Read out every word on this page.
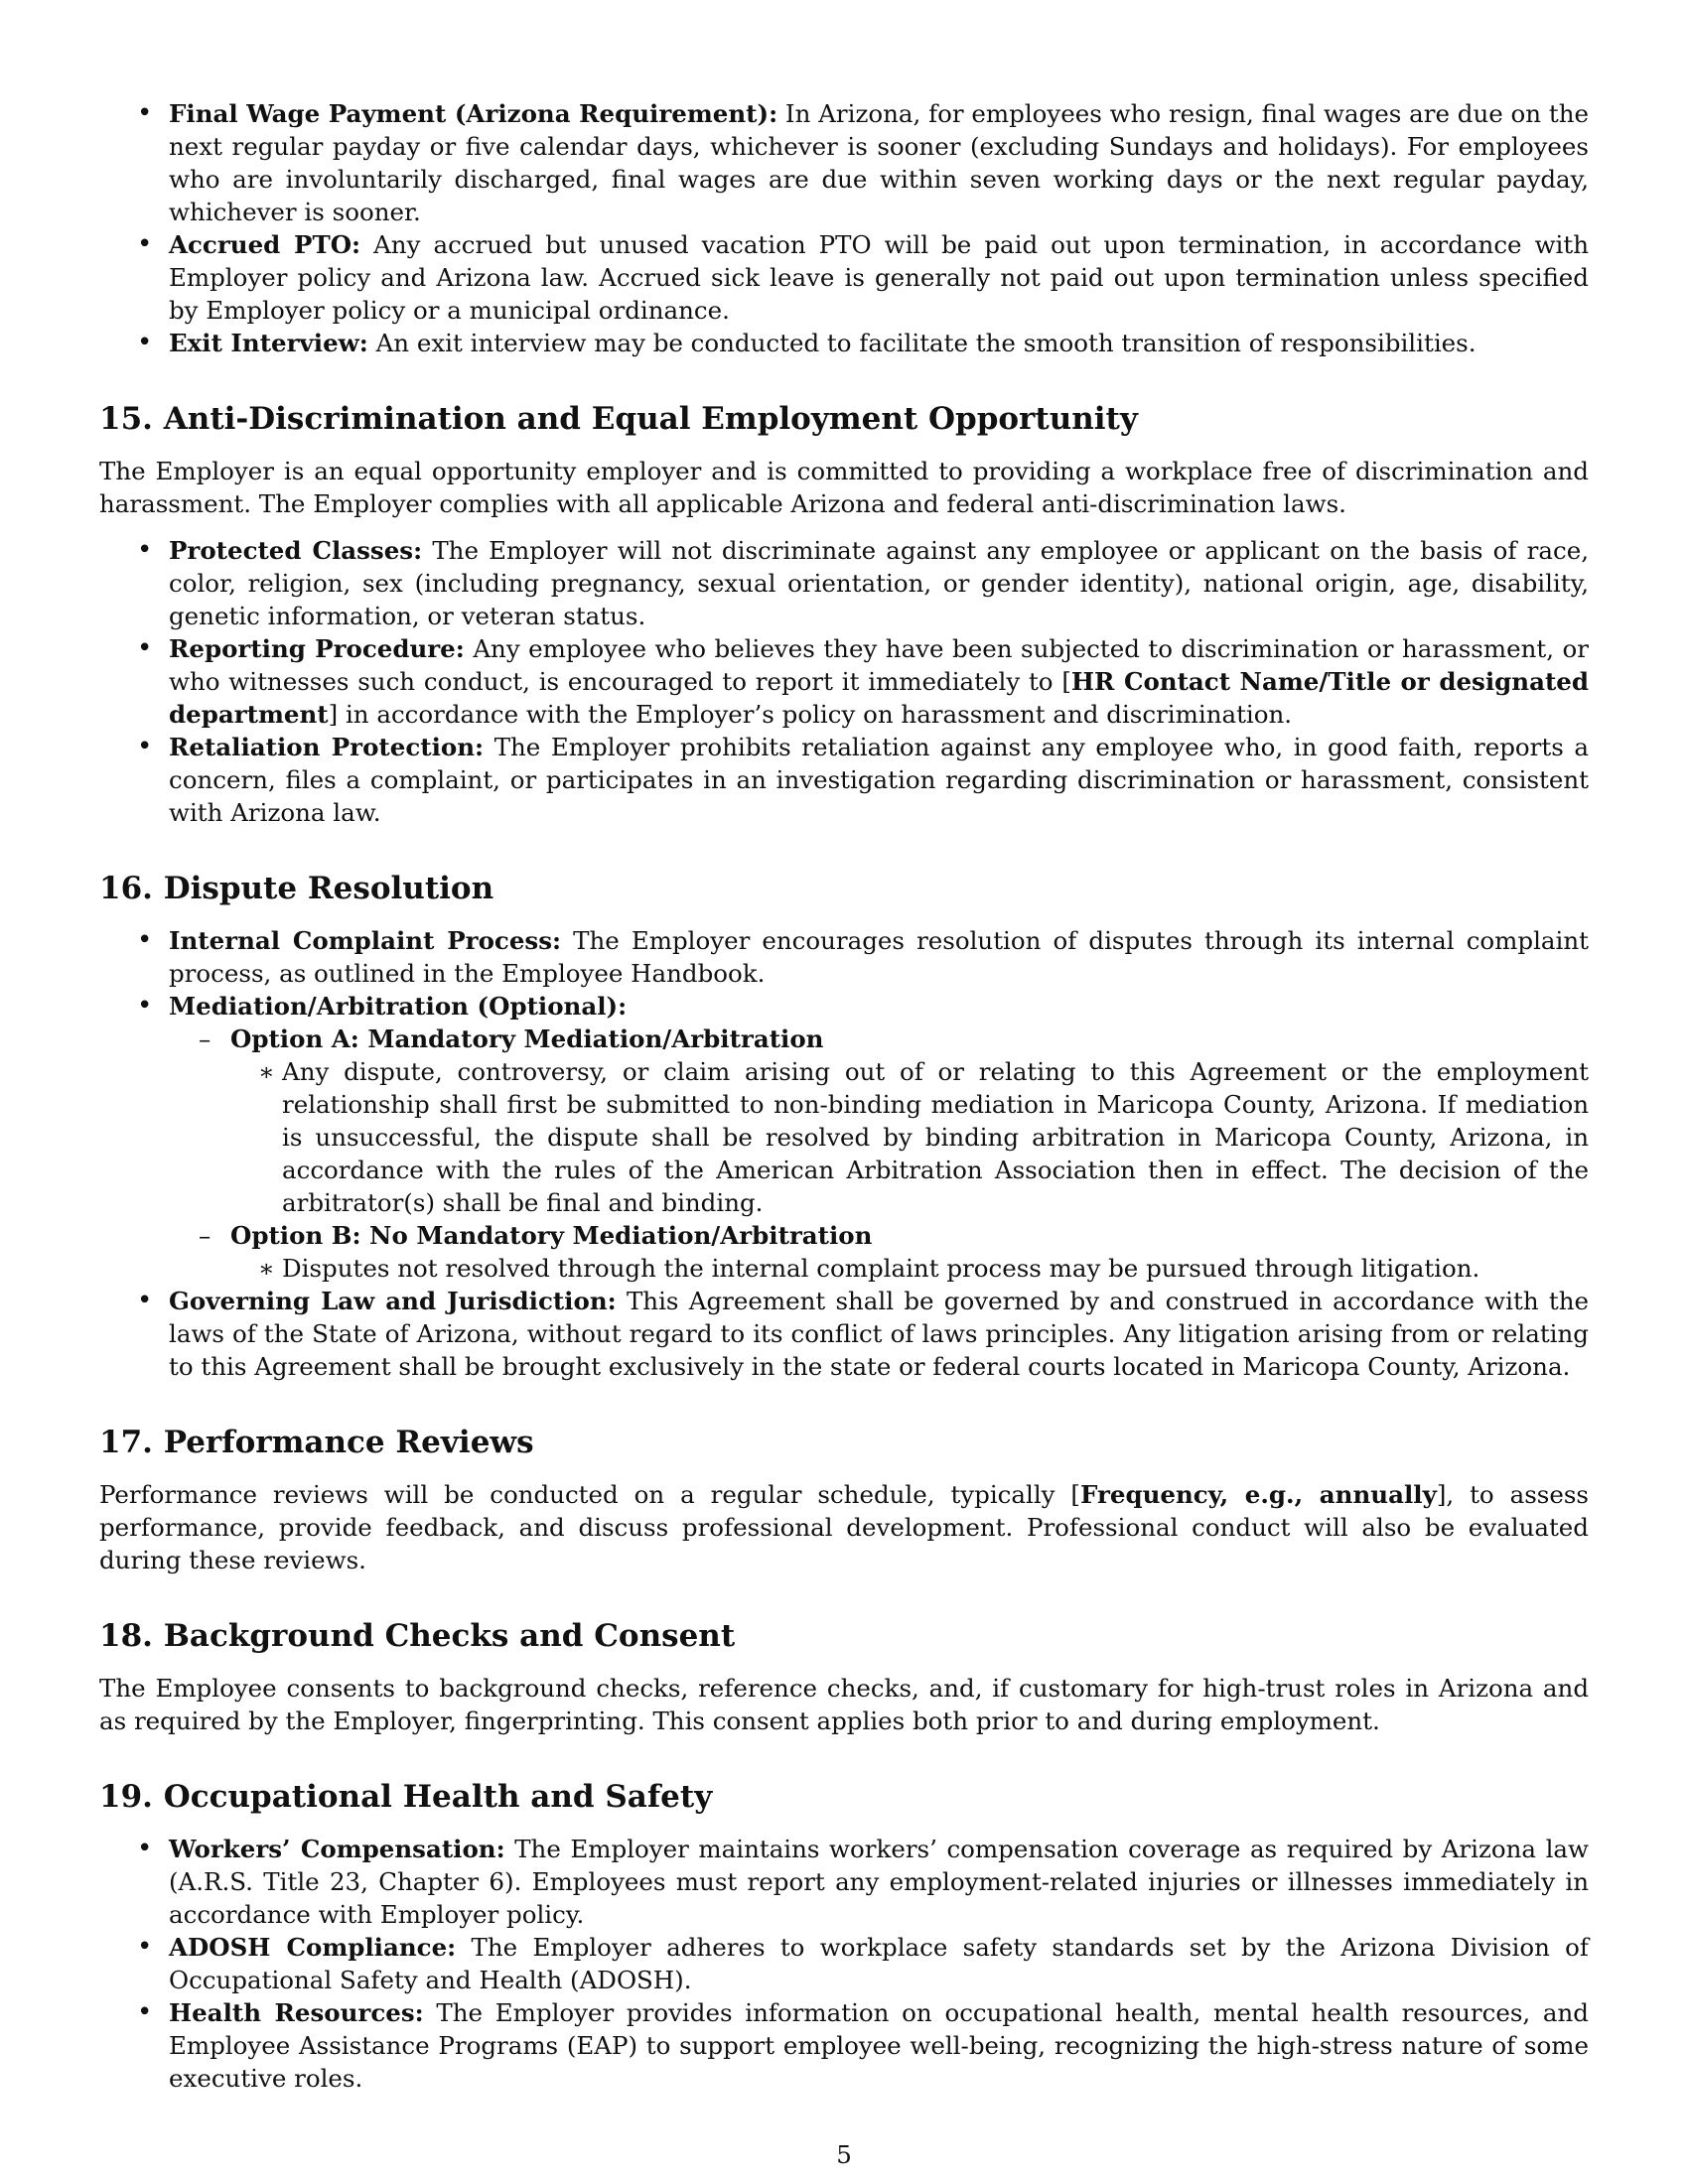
• Final Wage Payment (Arizona Requirement): In Arizona, for employees who resign, final wages are due on the next regular payday or five calendar days, whichever is sooner (excluding Sundays and holidays). For employees who are involuntarily discharged, final wages are due within seven working days or the next regular payday, whichever is sooner.
• Accrued PTO: Any accrued but unused vacation PTO will be paid out upon termination, in accordance with Employer policy and Arizona law. Accrued sick leave is generally not paid out upon termination unless specified by Employer policy or a municipal ordinance.
• Exit Interview: An exit interview may be conducted to facilitate the smooth transition of responsibilities.
15. Anti-Discrimination and Equal Employment Opportunity

The Employer is an equal opportunity employer and is committed to providing a workplace free of discrimination and harassment. The Employer complies with all applicable Arizona and federal anti-discrimination laws.

• Protected Classes: The Employer will not discriminate against any employee or applicant on the basis of race, color, religion, sex (including pregnancy, sexual orientation, or gender identity), national origin, age, disability, genetic information, or veteran status.
• Reporting Procedure: Any employee who believes they have been subjected to discrimination or harassment, or who witnesses such conduct, is encouraged to report it immediately to [HR Contact Name/Title or designated department] in accordance with the Employer’s policy on harassment and discrimination.
• Retaliation Protection: The Employer prohibits retaliation against any employee who, in good faith, reports a concern, files a complaint, or participates in an investigation regarding discrimination or harassment, consistent with Arizona law.
16. Dispute Resolution
• Internal Complaint Process: The Employer encourages resolution of disputes through its internal complaint process, as outlined in the Employee Handbook.
• Mediation/Arbitration (Optional):
– Option A: Mandatory Mediation/Arbitration
∗ Any dispute, controversy, or claim arising out of or relating to this Agreement or the employment relationship shall first be submitted to non-binding mediation in Maricopa County, Arizona. If mediation is unsuccessful, the dispute shall be resolved by binding arbitration in Maricopa County, Arizona, in accordance with the rules of the American Arbitration Association then in effect. The decision of the arbitrator(s) shall be final and binding.
– Option B: No Mandatory Mediation/Arbitration
∗ Disputes not resolved through the internal complaint process may be pursued through litigation.
• Governing Law and Jurisdiction: This Agreement shall be governed by and construed in accordance with the laws of the State of Arizona, without regard to its conflict of laws principles. Any litigation arising from or relating to this Agreement shall be brought exclusively in the state or federal courts located in Maricopa County, Arizona.
17. Performance Reviews

Performance reviews will be conducted on a regular schedule, typically [Frequency, e.g., annually], to assess performance, provide feedback, and discuss professional development. Professional conduct will also be evaluated during these reviews.

18. Background Checks and Consent

The Employee consents to background checks, reference checks, and, if customary for high-trust roles in Arizona and as required by the Employer, fingerprinting. This consent applies both prior to and during employment.

19. Occupational Health and Safety
• Workers’ Compensation: The Employer maintains workers’ compensation coverage as required by Arizona law (A.R.S. Title 23, Chapter 6). Employees must report any employment-related injuries or illnesses immediately in accordance with Employer policy.
• ADOSH Compliance: The Employer adheres to workplace safety standards set by the Arizona Division of Occupational Safety and Health (ADOSH).
• Health Resources: The Employer provides information on occupational health, mental health resources, and Employee Assistance Programs (EAP) to support employee well-being, recognizing the high-stress nature of some executive roles.
5
